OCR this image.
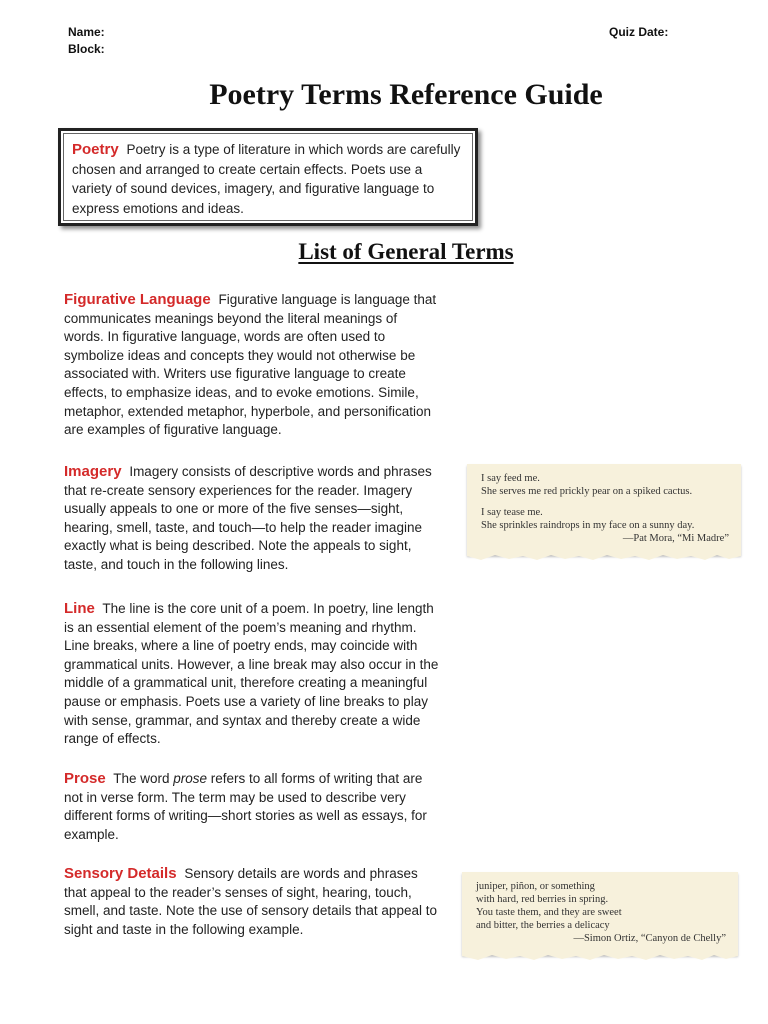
Name:
Block:
Quiz Date:
Poetry Terms Reference Guide
Poetry Poetry is a type of literature in which words are carefully chosen and arranged to create certain effects. Poets use a variety of sound devices, imagery, and figurative language to express emotions and ideas.
List of General Terms
Figurative Language Figurative language is language that communicates meanings beyond the literal meanings of words. In figurative language, words are often used to symbolize ideas and concepts they would not otherwise be associated with. Writers use figurative language to create effects, to emphasize ideas, and to evoke emotions. Simile, metaphor, extended metaphor, hyperbole, and personification are examples of figurative language.
Imagery Imagery consists of descriptive words and phrases that re-create sensory experiences for the reader. Imagery usually appeals to one or more of the five senses—sight, hearing, smell, taste, and touch—to help the reader imagine exactly what is being described. Note the appeals to sight, taste, and touch in the following lines.
Line The line is the core unit of a poem. In poetry, line length is an essential element of the poem’s meaning and rhythm. Line breaks, where a line of poetry ends, may coincide with grammatical units. However, a line break may also occur in the middle of a grammatical unit, therefore creating a meaningful pause or emphasis. Poets use a variety of line breaks to play with sense, grammar, and syntax and thereby create a wide range of effects.
Prose The word prose refers to all forms of writing that are not in verse form. The term may be used to describe very different forms of writing—short stories as well as essays, for example.
Sensory Details Sensory details are words and phrases that appeal to the reader’s senses of sight, hearing, touch, smell, and taste. Note the use of sensory details that appeal to sight and taste in the following example.
I say feed me.
She serves me red prickly pear on a spiked cactus.
I say tease me.
She sprinkles raindrops in my face on a sunny day.
—Pat Mora, “Mi Madre”
juniper, piñon, or something
with hard, red berries in spring.
You taste them, and they are sweet
and bitter, the berries a delicacy
—Simon Ortiz, “Canyon de Chelly”
